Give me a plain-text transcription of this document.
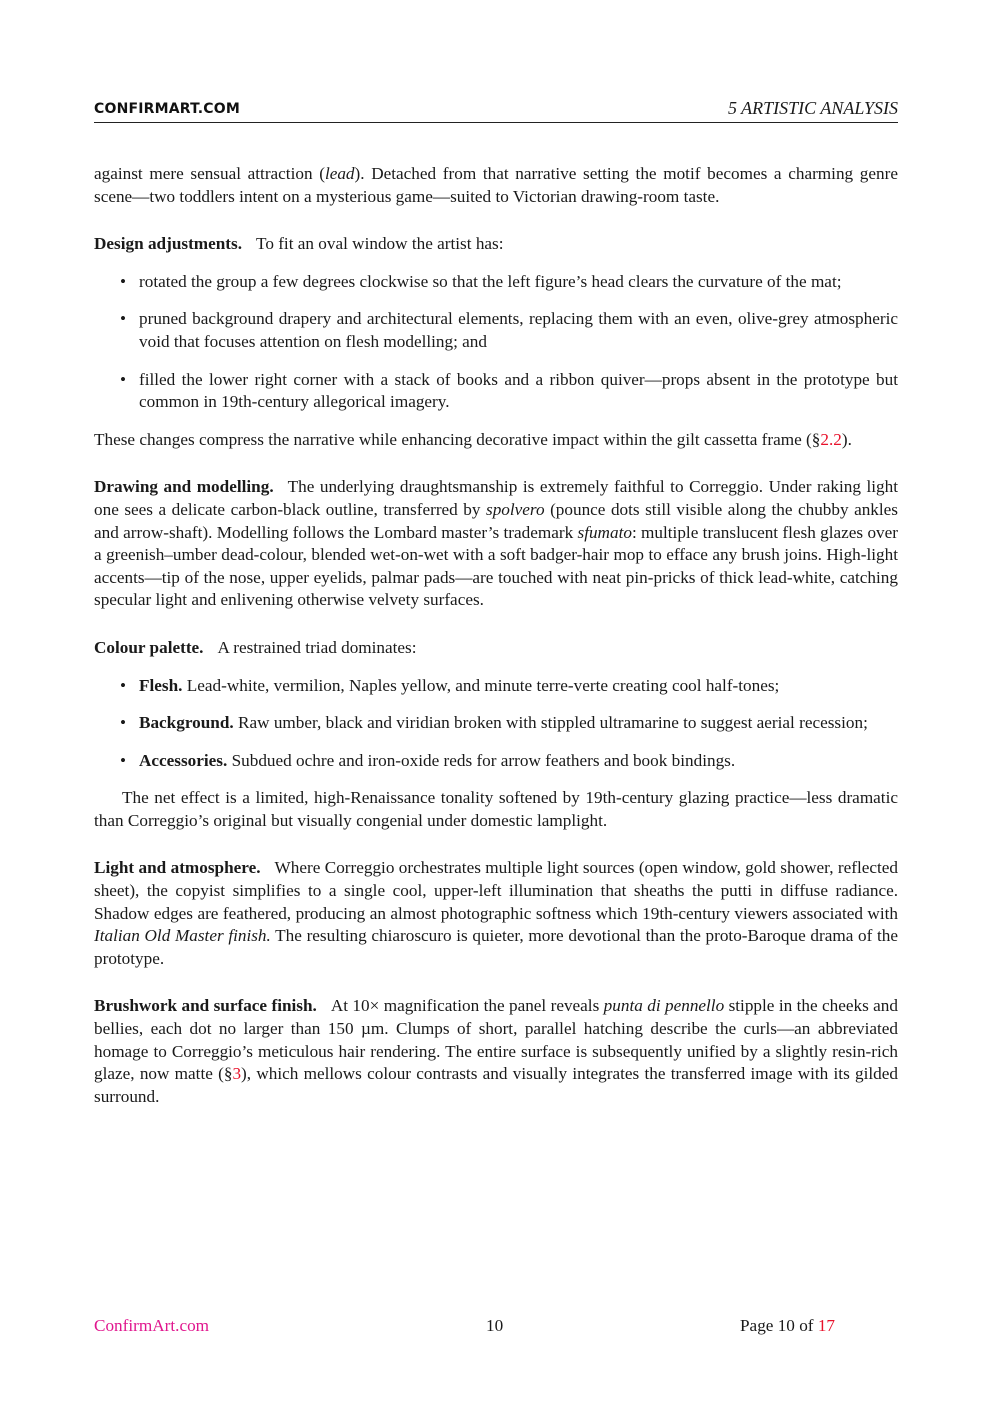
CONFIRMART.COM	5 ARTISTIC ANALYSIS

against mere sensual attraction (lead). Detached from that narrative setting the motif becomes a charming genre scene—two toddlers intent on a mysterious game—suited to Victorian drawing-room taste.

Design adjustments. To fit an oval window the artist has:

• rotated the group a few degrees clockwise so that the left figure’s head clears the curvature of the mat;
• pruned background drapery and architectural elements, replacing them with an even, olive-grey atmospheric void that focuses attention on flesh modelling; and
• filled the lower right corner with a stack of books and a ribbon quiver—props absent in the prototype but common in 19th-century allegorical imagery.

These changes compress the narrative while enhancing decorative impact within the gilt cassetta frame (§2.2).

Drawing and modelling. The underlying draughtsmanship is extremely faithful to Correggio. Under raking light one sees a delicate carbon-black outline, transferred by spolvero (pounce dots still visible along the chubby ankles and arrow-shaft). Modelling follows the Lombard master’s trademark sfumato: multiple translucent flesh glazes over a greenish–umber dead-colour, blended wet-on-wet with a soft badger-hair mop to efface any brush joins. High-light accents—tip of the nose, upper eyelids, palmar pads—are touched with neat pin-pricks of thick lead-white, catching specular light and enlivening otherwise velvety surfaces.

Colour palette. A restrained triad dominates:

• Flesh. Lead-white, vermilion, Naples yellow, and minute terre-verte creating cool half-tones;
• Background. Raw umber, black and viridian broken with stippled ultramarine to suggest aerial recession;
• Accessories. Subdued ochre and iron-oxide reds for arrow feathers and book bindings.

The net effect is a limited, high-Renaissance tonality softened by 19th-century glazing practice—less dramatic than Correggio’s original but visually congenial under domestic lamplight.

Light and atmosphere. Where Correggio orchestrates multiple light sources (open window, gold shower, reflected sheet), the copyist simplifies to a single cool, upper-left illumination that sheaths the putti in diffuse radiance. Shadow edges are feathered, producing an almost photographic softness which 19th-century viewers associated with Italian Old Master finish. The resulting chiaroscuro is quieter, more devotional than the proto-Baroque drama of the prototype.

Brushwork and surface finish. At 10× magnification the panel reveals punta di pennello stipple in the cheeks and bellies, each dot no larger than 150 µm. Clumps of short, parallel hatching describe the curls—an abbreviated homage to Correggio’s meticulous hair rendering. The entire surface is subsequently unified by a slightly resin-rich glaze, now matte (§3), which mellows colour contrasts and visually integrates the transferred image with its gilded surround.

ConfirmArt.com	10	Page 10 of 17
